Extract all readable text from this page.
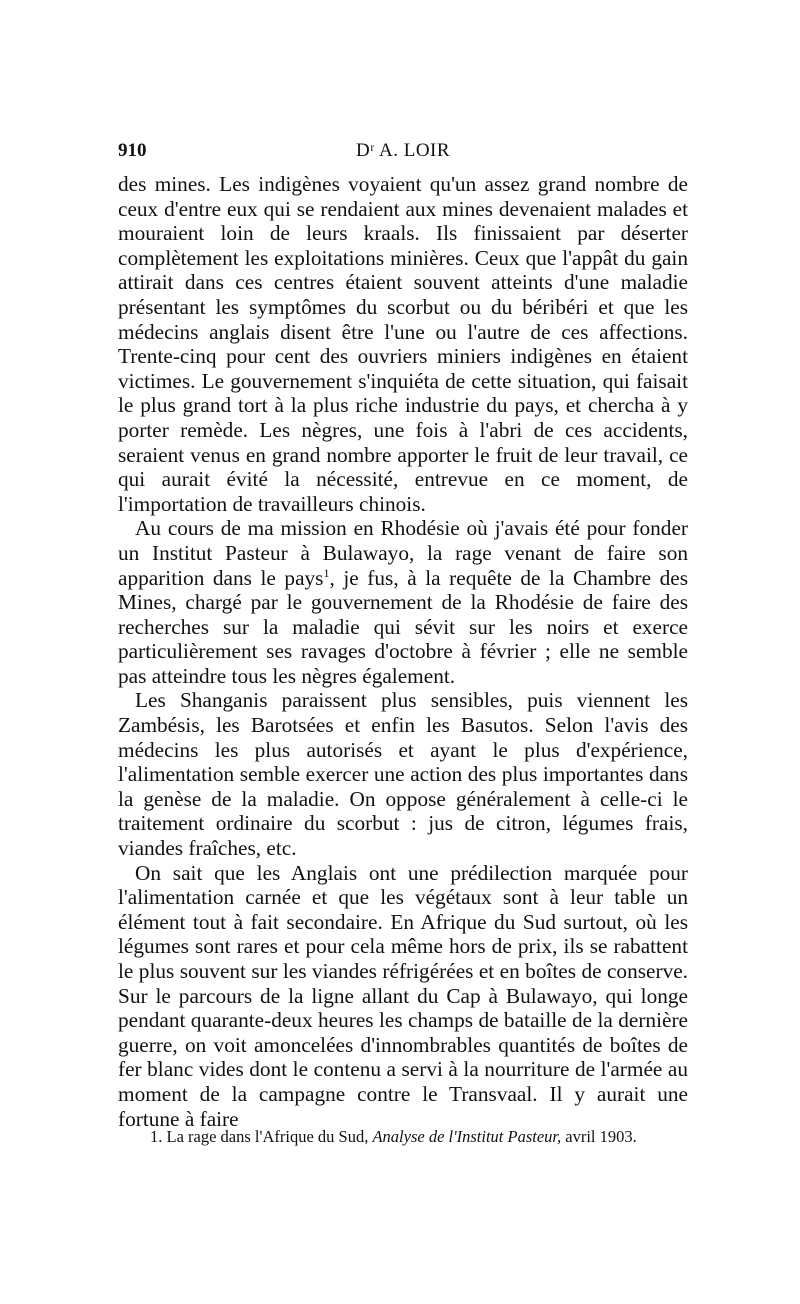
910	Dʳ A. LOIR

des mines. Les indigènes voyaient qu'un assez grand nombre de ceux d'entre eux qui se rendaient aux mines devenaient malades et mouraient loin de leurs kraals. Ils finissaient par déserter complètement les exploitations minières. Ceux que l'appât du gain attirait dans ces centres étaient souvent atteints d'une maladie présentant les symptômes du scorbut ou du béribéri et que les médecins anglais disent être l'une ou l'autre de ces affections. Trente-cinq pour cent des ouvriers miniers indigènes en étaient victimes. Le gouvernement s'inquiéta de cette situation, qui faisait le plus grand tort à la plus riche industrie du pays, et chercha à y porter remède. Les nègres, une fois à l'abri de ces accidents, seraient venus en grand nombre apporter le fruit de leur travail, ce qui aurait évité la nécessité, entrevue en ce moment, de l'importation de travailleurs chinois.

Au cours de ma mission en Rhodésie où j'avais été pour fonder un Institut Pasteur à Bulawayo, la rage venant de faire son apparition dans le pays$^1$, je fus, à la requête de la Chambre des Mines, chargé par le gouvernement de la Rhodésie de faire des recherches sur la maladie qui sévit sur les noirs et exerce particulièrement ses ravages d'octobre à février ; elle ne semble pas atteindre tous les nègres également.

Les Shanganis paraissent plus sensibles, puis viennent les Zambésis, les Barotsées et enfin les Basutos. Selon l'avis des médecins les plus autorisés et ayant le plus d'expérience, l'alimentation semble exercer une action des plus importantes dans la genèse de la maladie. On oppose généralement à celle-ci le traitement ordinaire du scorbut : jus de citron, légumes frais, viandes fraîches, etc.

On sait que les Anglais ont une prédilection marquée pour l'alimentation carnée et que les végétaux sont à leur table un élément tout à fait secondaire. En Afrique du Sud surtout, où les légumes sont rares et pour cela même hors de prix, ils se rabattent le plus souvent sur les viandes réfrigérées et en boîtes de conserve. Sur le parcours de la ligne allant du Cap à Bulawayo, qui longe pendant quarante-deux heures les champs de bataille de la dernière guerre, on voit amoncelées d'innombrables quantités de boîtes de fer blanc vides dont le contenu a servi à la nourriture de l'armée au moment de la campagne contre le Transvaal. Il y aurait une fortune à faire

1. La rage dans l'Afrique du Sud, Analyse de l'Institut Pasteur, avril 1903.
